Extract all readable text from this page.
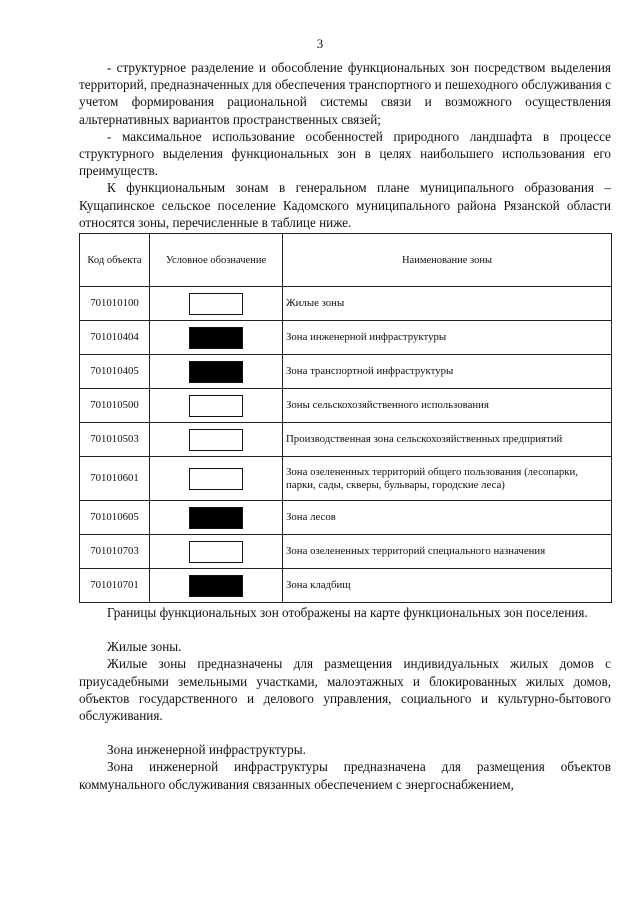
3

- структурное разделение и обособление функциональных зон посредством выделения территорий, предназначенных для обеспечения транспортного и пешеходного обслуживания с учетом формирования рациональной системы связи и возможного осуществления альтернативных вариантов пространственных связей;

- максимальное использование особенностей природного ландшафта в процессе структурного выделения функциональных зон в целях наибольшего использования его преимуществ.

К функциональным зонам в генеральном плане муниципального образования – Кущапинское сельское поселение Кадомского муниципального района Рязанской области относятся зоны, перечисленные в таблице ниже.

Код объекта	Условное обозначение	Наименование зоны
701010100		Жилые зоны
701010404		Зона инженерной инфраструктуры
701010405		Зона транспортной инфраструктуры
701010500		Зоны сельскохозяйственного использования
701010503		Производственная зона сельскохозяйственных предприятий
701010601		Зона озелененных территорий общего пользования (лесопарки, парки, сады, скверы, бульвары, городские леса)
701010605		Зона лесов
701010703		Зона озелененных территорий специального назначения
701010701		Зона кладбищ

Границы функциональных зон отображены на карте функциональных зон поселения.

Жилые зоны.

Жилые зоны предназначены для размещения индивидуальных жилых домов с приусадебными земельными участками, малоэтажных и блокированных жилых домов, объектов государственного и делового управления, социального и культурно-бытового обслуживания.

Зона инженерной инфраструктуры.

Зона инженерной инфраструктуры предназначена для размещения объектов коммунального обслуживания связанных обеспечением с энергоснабжением,
